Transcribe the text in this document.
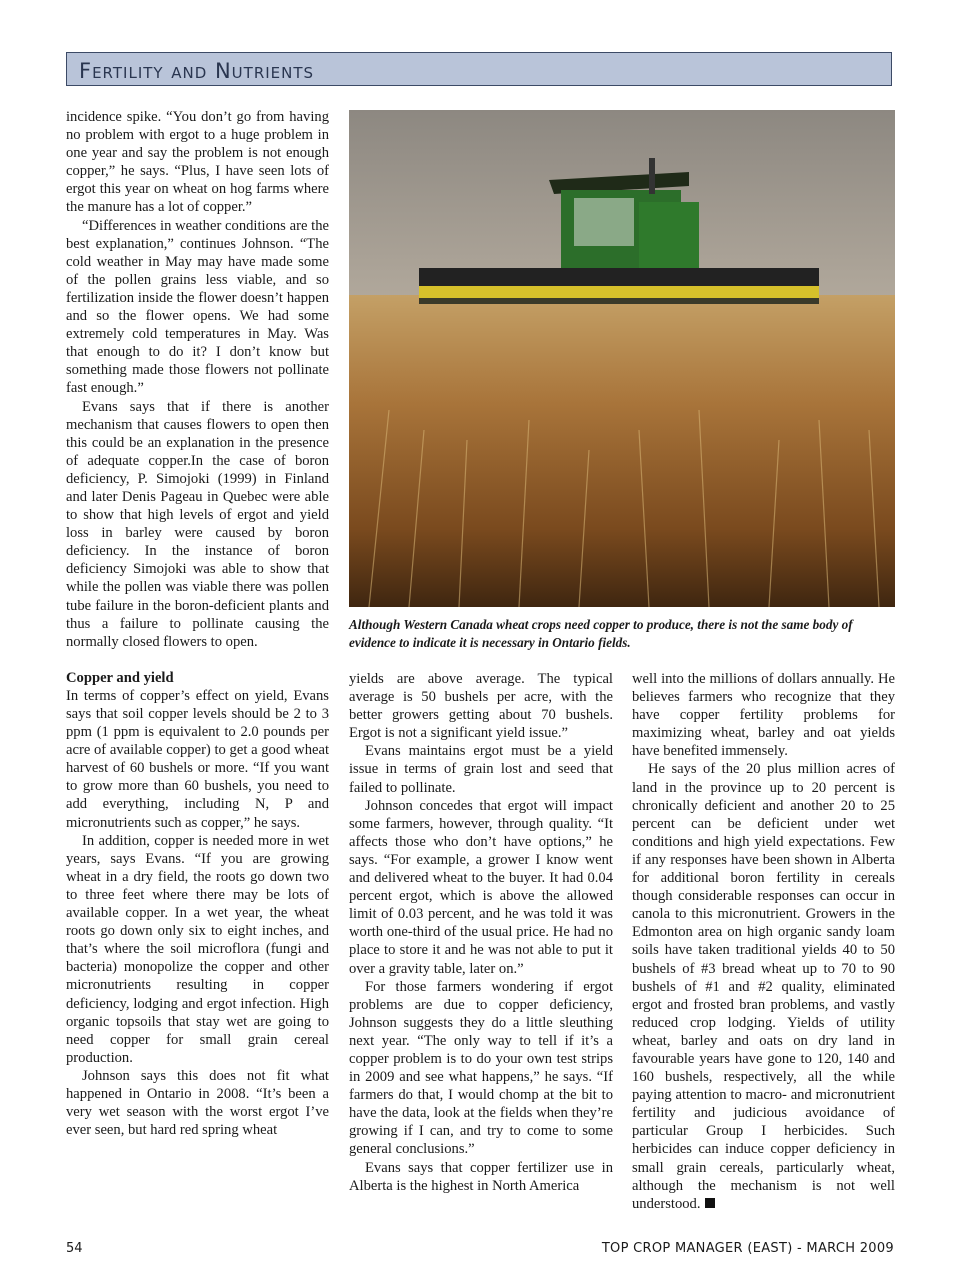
Fertility and Nutrients

incidence spike. “You don’t go from having no problem with ergot to a huge problem in one year and say the problem is not enough copper,” he says. “Plus, I have seen lots of ergot this year on wheat on hog farms where the manure has a lot of copper.”

“Differences in weather conditions are the best explanation,” continues Johnson. “The cold weather in May may have made some of the pollen grains less viable, and so fertilization inside the flower doesn’t happen and so the flower opens. We had some extremely cold temperatures in May. Was that enough to do it? I don’t know but something made those flowers not pollinate fast enough.”

Evans says that if there is another mechanism that causes flowers to open then this could be an explanation in the presence of adequate copper.In the case of boron deficiency, P. Simojoki (1999) in Finland and later Denis Pageau in Quebec were able to show that high levels of ergot and yield loss in barley were caused by boron deficiency. In the instance of boron deficiency Simojoki was able to show that while the pollen was viable there was pollen tube failure in the boron-deficient plants and thus a failure to pollinate causing the normally closed flowers to open.

Copper and yield

In terms of copper’s effect on yield, Evans says that soil copper levels should be 2 to 3 ppm (1 ppm is equivalent to 2.0 pounds per acre of available copper) to get a good wheat harvest of 60 bushels or more. “If you want to grow more than 60 bushels, you need to add everything, including N, P and micronutrients such as copper,” he says.

In addition, copper is needed more in wet years, says Evans. “If you are growing wheat in a dry field, the roots go down two to three feet where there may be lots of available copper. In a wet year, the wheat roots go down only six to eight inches, and that’s where the soil microflora (fungi and bacteria) monopolize the copper and other micronutrients resulting in copper deficiency, lodging and ergot infection. High organic topsoils that stay wet are going to need copper for small grain cereal production.

Johnson says this does not fit what happened in Ontario in 2008. “It’s been a very wet season with the worst ergot I’ve ever seen, but hard red spring wheat

Although Western Canada wheat crops need copper to produce, there is not the same body of evidence to indicate it is necessary in Ontario fields.

yields are above average. The typical average is 50 bushels per acre, with the better growers getting about 70 bushels. Ergot is not a significant yield issue.”

Evans maintains ergot must be a yield issue in terms of grain lost and seed that failed to pollinate.

Johnson concedes that ergot will impact some farmers, however, through quality. “It affects those who don’t have options,” he says. “For example, a grower I know went and delivered wheat to the buyer. It had 0.04 percent ergot, which is above the allowed limit of 0.03 percent, and he was told it was worth one-third of the usual price. He had no place to store it and he was not able to put it over a gravity table, later on.”

For those farmers wondering if ergot problems are due to copper deficiency, Johnson suggests they do a little sleuthing next year. “The only way to tell if it’s a copper problem is to do your own test strips in 2009 and see what happens,” he says. “If farmers do that, I would chomp at the bit to have the data, look at the fields when they’re growing if I can, and try to come to some general conclusions.”

Evans says that copper fertilizer use in Alberta is the highest in North America

well into the millions of dollars annually. He believes farmers who recognize that they have copper fertility problems for maximizing wheat, barley and oat yields have benefited immensely.

He says of the 20 plus million acres of land in the province up to 20 percent is chronically deficient and another 20 to 25 percent can be deficient under wet conditions and high yield expectations. Few if any responses have been shown in Alberta for additional boron fertility in cereals though considerable responses can occur in canola to this micronutrient. Growers in the Edmonton area on high organic sandy loam soils have taken traditional yields 40 to 50 bushels of #3 bread wheat up to 70 to 90 bushels of #1 and #2 quality, eliminated ergot and frosted bran problems, and vastly reduced crop lodging. Yields of utility wheat, barley and oats on dry land in favourable years have gone to 120, 140 and 160 bushels, respectively, all the while paying attention to macro- and micronutrient fertility and judicious avoidance of particular Group I herbicides. Such herbicides can induce copper deficiency in small grain cereals, particularly wheat, although the mechanism is not well understood.

54	TOP CROP MANAGER (EAST) - MARCH 2009
